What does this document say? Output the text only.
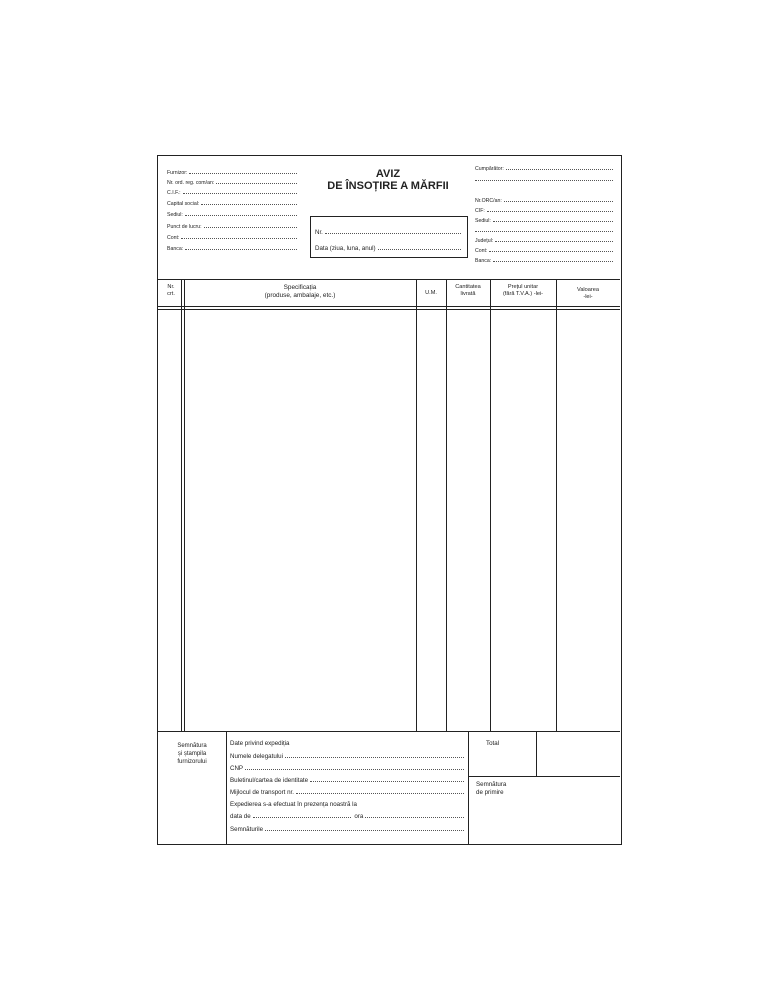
Furnizor:
Nr. ord. reg. com/an:
C.I.F.:
Capital social:
Sediul:
Punct de lucru:
Cont:
Banca:
AVIZ
DE ÎNSOȚIRE A MĂRFII
Nr.
Data (ziua, luna, anul)
Cumpărător:
Nr.ORC/an:
CIF:
Sediul:
Județul:
Cont:
Banca:
Nr.
crt.
Specificația
(produse, ambalaje, etc.)	U.M.
Cantitatea
livrată
Prețul unitar
(fără T.V.A.) -lei-
Valoarea
-lei-
Semnătura
și ștampila
furnizorului
Date privind expediția
Numele delegatului
CNP
Buletinul/cartea de identitate
Mijlocul de transport nr.
Expedierea s-a efectuat în prezența noastră la
data de	ora
Semnăturile
Total
Semnătura
de primire
